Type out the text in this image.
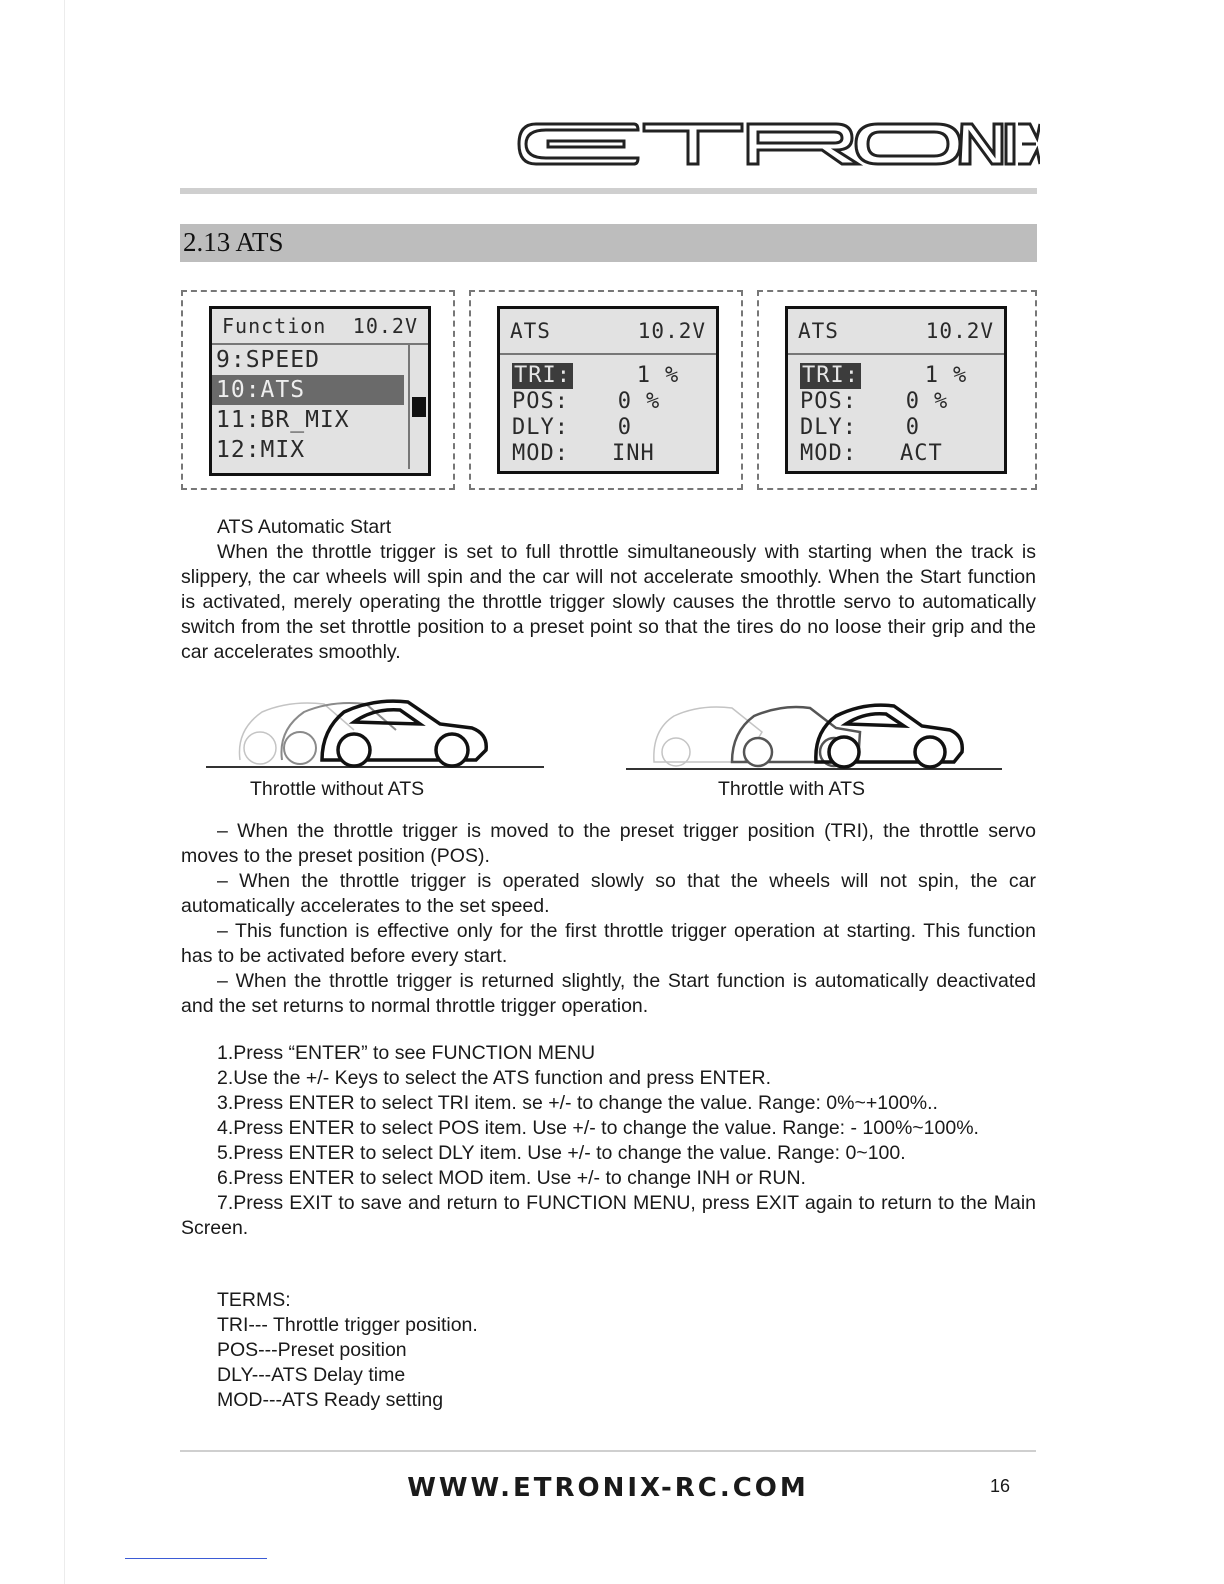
2.13 ATS
Function 10.2V
9:SPEED
10:ATS
11:BR_MIX
12:MIX
ATS	10.2V
TRI:	1 %
POS:	0 %
DLY:	0
MOD:	INH
ATS	10.2V
TRI:	1 %
POS:	0 %
DLY:	0
MOD:	ACT

ATS Automatic Start

When the throttle trigger is set to full throttle simultaneously with starting when the track is slippery, the car wheels will spin and the car will not accelerate smoothly. When the Start function is activated, merely operating the throttle trigger slowly causes the throttle servo to automatically switch from the set throttle position to a preset point so that the tires do no loose their grip and the car accelerates smoothly.

Throttle without ATS	Throttle with ATS

– When the throttle trigger is moved to the preset trigger position (TRI), the throttle servo moves to the preset position (POS).

– When the throttle trigger is operated slowly so that the wheels will not spin, the car automatically accelerates to the set speed.

– This function is effective only for the first throttle trigger operation at starting. This function has to be activated before every start.

– When the throttle trigger is returned slightly, the Start function is automatically deactivated and the set returns to normal throttle trigger operation.

1.Press “ENTER” to see FUNCTION MENU

2.Use the +/- Keys to select the ATS function and press ENTER.

3.Press ENTER to select TRI item. se +/- to change the value. Range: 0%~+100%..

4.Press ENTER to select POS item. Use +/- to change the value. Range: - 100%~100%.

5.Press ENTER to select DLY item. Use +/- to change the value. Range: 0~100.

6.Press ENTER to select MOD item. Use +/- to change INH or RUN.

7.Press EXIT to save and return to FUNCTION MENU, press EXIT again to return to the Main Screen.

TERMS:

TRI--- Throttle trigger position.

POS---Preset position

DLY---ATS Delay time

MOD---ATS Ready setting

WWW.ETRONIX-RC.COM	16
